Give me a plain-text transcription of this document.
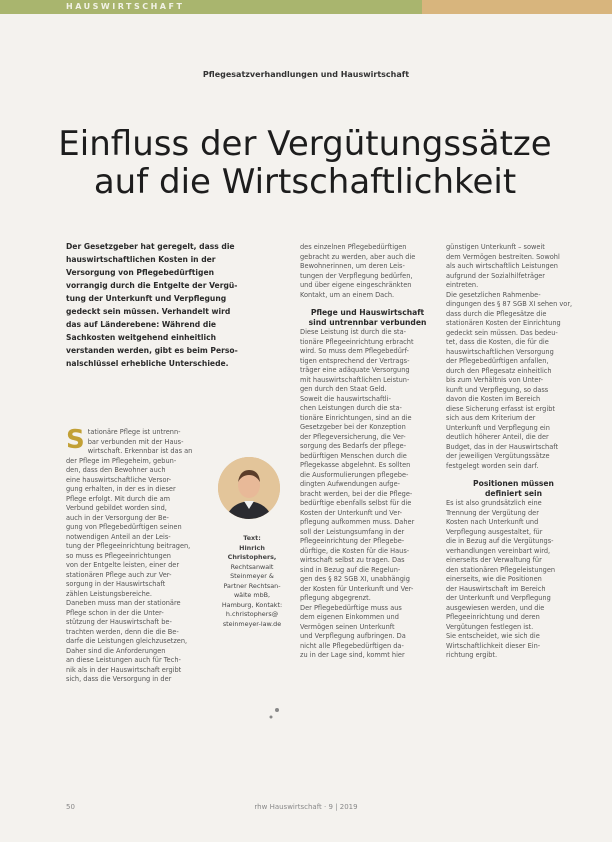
HAUSWIRTSCHAFT
Pflegesatzverhandlungen und Hauswirtschaft
Einfluss der Vergütungssätze
auf die Wirtschaftlichkeit
Der Gesetzgeber hat geregelt, dass die
hauswirtschaftlichen Kosten in der
Versorgung von Pflegebedürftigen
vorrangig durch die Entgelte der Vergü-
tung der Unterkunft und Verpflegung
gedeckt sein müssen. Verhandelt wird
das auf Länderebene: Während die
Sachkosten weitgehend einheitlich
verstanden werden, gibt es beim Perso-
nalschlüssel erhebliche Unterschiede.
S tationäre Pflege ist untrenn-
bar verbunden mit der Haus-
wirtschaft. Erkennbar ist das an
der Pflege im Pflegeheim, gebun-
den, dass den Bewohner auch
eine hauswirtschaftliche Versor-
gung erhalten, in der es in dieser
Pflege erfolgt. Mit durch die am
Verbund gebildet worden sind,
auch in der Versorgung der Be-
gung von Pflegebedürftigen seinen
notwendigen Anteil an der Leis-
tung der Pflegeeinrichtung beitragen,
so muss es Pflegeeinrichtungen
von der Entgelte leisten, einer der
stationären Pflege auch zur Ver-
sorgung in der Hauswirtschaft
zählen Leistungsbereiche.
Daneben muss man der stationäre
Pflege schon in der die Unter-
stützung der Hauswirtschaft be-
trachten werden, denn die die Be-
darfe die Leistungen gleichzusetzen,
Daher sind die Anforderungen
an diese Leistungen auch für Tech-
nik als in der Hauswirtschaft ergibt
sich, dass die Versorgung in der
Text:
Hinrich Christophers,
Rechtsanwalt
Steinmeyer &
Partner Rechtsan-
wälte mbB,
Hamburg, Kontakt:
h.christophers@
steinmeyer-law.de
des einzelnen Pflegebedürftigen
gebracht zu werden, aber auch die
Bewohnerinnen, um deren Leis-
tungen der Verpflegung bedürfen,
und über eigene eingeschränkten
Kontakt, um an einem Dach.
Pflege und Hauswirtschaft
sind untrennbar verbunden
Diese Leistung ist durch die sta-
tionäre Pflegeeinrichtung erbracht
wird. So muss dem Pflegebedürf-
tigen entsprechend der Vertrags-
träger eine adäquate Versorgung
mit hauswirtschaftlichen Leistun-
gen durch den Staat Geld.
Soweit die hauswirtschaftli-
chen Leistungen durch die sta-
tionäre Einrichtungen, sind an die
Gesetzgeber bei der Konzeption
der Pflegeversicherung, die Ver-
sorgung des Bedarfs der pflege-
bedürftigen Menschen durch die
Pflegekasse abgelehnt. Es sollten
die Ausformulierungen pflegebe-
dingten Aufwendungen aufge-
bracht werden, bei der die Pflege-
bedürftige ebenfalls selbst für die
Kosten der Unterkunft und Ver-
pflegung aufkommen muss. Daher
soll der Leistungsumfang in der
Pflegeeinrichtung der Pflegebe-
dürftige, die Kosten für die Haus-
wirtschaft selbst zu tragen. Das
sind in Bezug auf die Regelun-
gen des § 82 SGB XI, unabhängig
der Kosten für Unterkunft und Ver-
pflegung abgegrenzt.
Der Pflegebedürftige muss aus
dem eigenen Einkommen und
Vermögen seinen Unterkunft
und Verpflegung aufbringen. Da
nicht alle Pflegebedürftigen da-
zu in der Lage sind, kommt hier
günstigen Unterkunft – soweit
dem Vermögen bestreiten. Sowohl
als auch wirtschaftlich Leistungen
aufgrund der Sozialhilfeträger
eintreten.
Die gesetzlichen Rahmenbe-
dingungen des § 87 SGB XI sehen vor,
dass durch die Pflegesätze die
stationären Kosten der Einrichtung
gedeckt sein müssen. Das bedeu-
tet, dass die Kosten, die für die
hauswirtschaftlichen Versorgung
der Pflegebedürftigen anfallen,
durch den Pflegesatz einheitlich
bis zum Verhältnis von Unter-
kunft und Verpflegung, so dass
davon die Kosten im Bereich
diese Sicherung erfasst ist ergibt
sich aus dem Kriterium der
Unterkunft und Verpflegung ein
deutlich höherer Anteil, die der
Budget, das in der Hauswirtschaft
der jeweiligen Vergütungssätze
festgelegt worden sein darf.
Positionen müssen
definiert sein
Es ist also grundsätzlich eine
Trennung der Vergütung der
Kosten nach Unterkunft und
Verpflegung ausgestaltet, für
die in Bezug auf die Vergütungs-
verhandlungen vereinbart wird,
einerseits der Verwaltung für
den stationären Pflegeleistungen
einerseits, wie die Positionen
der Hauswirtschaft im Bereich
der Unterkunft und Verpflegung
ausgewiesen werden, und die
Pflegeeinrichtung und deren
Vergütungen festlegen ist.
Sie entscheidet, wie sich die
Wirtschaftlichkeit dieser Ein-
richtung ergibt.
50	rhw Hauswirtschaft · 9 | 2019
